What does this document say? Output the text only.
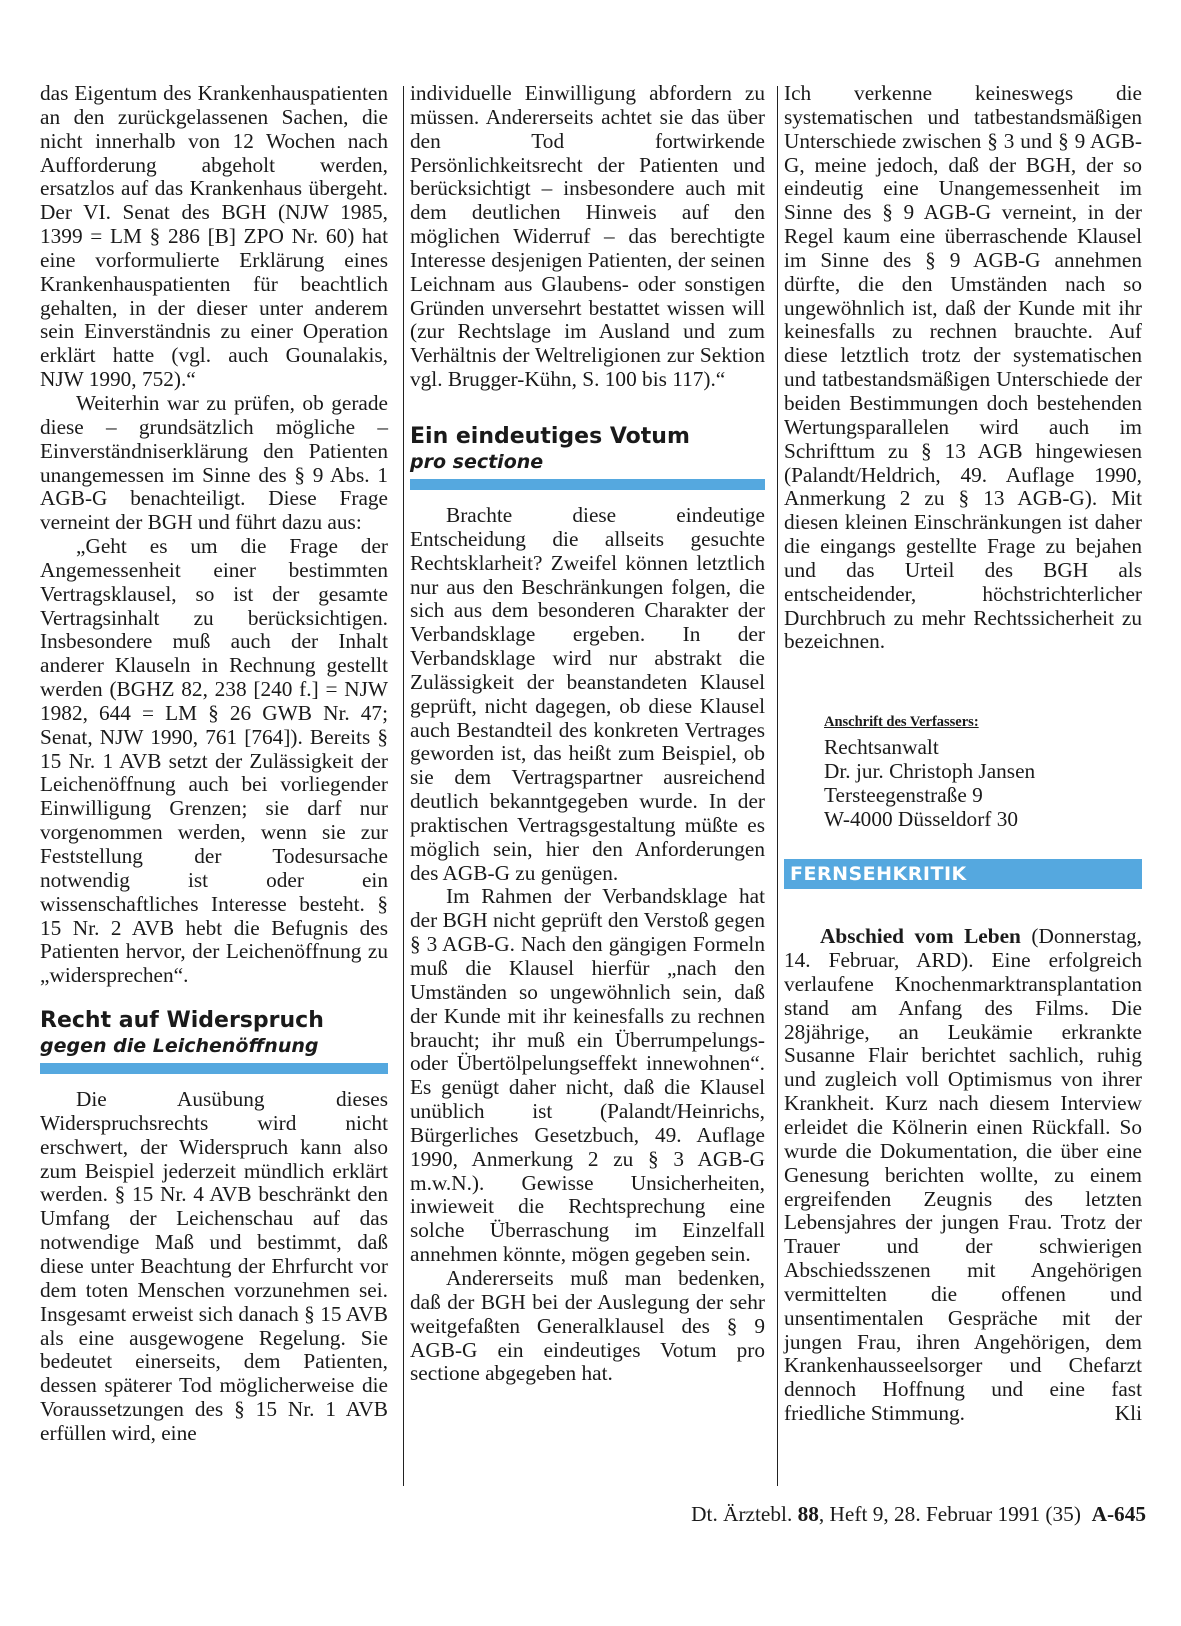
das Eigentum des Krankenhauspatienten an den zurückgelassenen Sachen, die nicht innerhalb von 12 Wochen nach Aufforderung abgeholt werden, ersatzlos auf das Krankenhaus übergeht. Der VI. Senat des BGH (NJW 1985, 1399 = LM § 286 [B] ZPO Nr. 60) hat eine vorformulierte Erklärung eines Krankenhauspatienten für beachtlich gehalten, in der dieser unter anderem sein Einverständnis zu einer Operation erklärt hatte (vgl. auch Gounalakis, NJW 1990, 752).“

Weiterhin war zu prüfen, ob gerade diese – grundsätzlich mögliche – Einverständniserklärung den Patienten unangemessen im Sinne des § 9 Abs. 1 AGB-G benachteiligt. Diese Frage verneint der BGH und führt dazu aus:

„Geht es um die Frage der Angemessenheit einer bestimmten Vertragsklausel, so ist der gesamte Vertragsinhalt zu berücksichtigen. Insbesondere muß auch der Inhalt anderer Klauseln in Rechnung gestellt werden (BGHZ 82, 238 [240 f.] = NJW 1982, 644 = LM § 26 GWB Nr. 47; Senat, NJW 1990, 761 [764]). Bereits § 15 Nr. 1 AVB setzt der Zulässigkeit der Leichenöffnung auch bei vorliegender Einwilligung Grenzen; sie darf nur vorgenommen werden, wenn sie zur Feststellung der Todesursache notwendig ist oder ein wissenschaftliches Interesse besteht. § 15 Nr. 2 AVB hebt die Befugnis des Patienten hervor, der Leichenöffnung zu „widersprechen“.

Recht auf Widerspruch
gegen die Leichenöffnung

Die Ausübung dieses Widerspruchsrechts wird nicht erschwert, der Widerspruch kann also zum Beispiel jederzeit mündlich erklärt werden. § 15 Nr. 4 AVB beschränkt den Umfang der Leichenschau auf das notwendige Maß und bestimmt, daß diese unter Beachtung der Ehrfurcht vor dem toten Menschen vorzunehmen sei. Insgesamt erweist sich danach § 15 AVB als eine ausgewogene Regelung. Sie bedeutet einerseits, dem Patienten, dessen späterer Tod möglicherweise die Voraussetzungen des § 15 Nr. 1 AVB erfüllen wird, eine

individuelle Einwilligung abfordern zu müssen. Andererseits achtet sie das über den Tod fortwirkende Persönlichkeitsrecht der Patienten und berücksichtigt – insbesondere auch mit dem deutlichen Hinweis auf den möglichen Widerruf – das berechtigte Interesse desjenigen Patienten, der seinen Leichnam aus Glaubens- oder sonstigen Gründen unversehrt bestattet wissen will (zur Rechtslage im Ausland und zum Verhältnis der Weltreligionen zur Sektion vgl. Brugger-Kühn, S. 100 bis 117).“

Ein eindeutiges Votum
pro sectione

Brachte diese eindeutige Entscheidung die allseits gesuchte Rechtsklarheit? Zweifel können letztlich nur aus den Beschränkungen folgen, die sich aus dem besonderen Charakter der Verbandsklage ergeben. In der Verbandsklage wird nur abstrakt die Zulässigkeit der beanstandeten Klausel geprüft, nicht dagegen, ob diese Klausel auch Bestandteil des konkreten Vertrages geworden ist, das heißt zum Beispiel, ob sie dem Vertragspartner ausreichend deutlich bekanntgegeben wurde. In der praktischen Vertragsgestaltung müßte es möglich sein, hier den Anforderungen des AGB-G zu genügen.

Im Rahmen der Verbandsklage hat der BGH nicht geprüft den Verstoß gegen § 3 AGB-G. Nach den gängigen Formeln muß die Klausel hierfür „nach den Umständen so ungewöhnlich sein, daß der Kunde mit ihr keinesfalls zu rechnen braucht; ihr muß ein Überrumpelungs- oder Übertölpelungseffekt innewohnen“. Es genügt daher nicht, daß die Klausel unüblich ist (Palandt/Heinrichs, Bürgerliches Gesetzbuch, 49. Auflage 1990, Anmerkung 2 zu § 3 AGB-G m.w.N.). Gewisse Unsicherheiten, inwieweit die Rechtsprechung eine solche Überraschung im Einzelfall annehmen könnte, mögen gegeben sein.

Andererseits muß man bedenken, daß der BGH bei der Auslegung der sehr weitgefaßten Generalklausel des § 9 AGB-G ein eindeutiges Votum pro sectione abgegeben hat.

Ich verkenne keineswegs die systematischen und tatbestandsmäßigen Unterschiede zwischen § 3 und § 9 AGB-G, meine jedoch, daß der BGH, der so eindeutig eine Unangemessenheit im Sinne des § 9 AGB-G verneint, in der Regel kaum eine überraschende Klausel im Sinne des § 9 AGB-G annehmen dürfte, die den Umständen nach so ungewöhnlich ist, daß der Kunde mit ihr keinesfalls zu rechnen brauchte. Auf diese letztlich trotz der systematischen und tatbestandsmäßigen Unterschiede der beiden Bestimmungen doch bestehenden Wertungsparallelen wird auch im Schrifttum zu § 13 AGB hingewiesen (Palandt/Heldrich, 49. Auflage 1990, Anmerkung 2 zu § 13 AGB-G). Mit diesen kleinen Einschränkungen ist daher die eingangs gestellte Frage zu bejahen und das Urteil des BGH als entscheidender, höchstrichterlicher Durchbruch zu mehr Rechtssicherheit zu bezeichnen.

Anschrift des Verfassers:
Rechtsanwalt
Dr. jur. Christoph Jansen
Tersteegenstraße 9
W-4000 Düsseldorf 30
FERNSEHKRITIK

Abschied vom Leben (Donnerstag, 14. Februar, ARD). Eine erfolgreich verlaufene Knochenmarktransplantation stand am Anfang des Films. Die 28jährige, an Leukämie erkrankte Susanne Flair berichtet sachlich, ruhig und zugleich voll Optimismus von ihrer Krankheit. Kurz nach diesem Interview erleidet die Kölnerin einen Rückfall. So wurde die Dokumentation, die über eine Genesung berichten wollte, zu einem ergreifenden Zeugnis des letzten Lebensjahres der jungen Frau. Trotz der Trauer und der schwierigen Abschiedsszenen mit Angehörigen vermittelten die offenen und unsentimentalen Gespräche mit der jungen Frau, ihren Angehörigen, dem Krankenhausseelsorger und Chefarzt dennoch Hoffnung und eine fast friedliche Stimmung.	Kli

Dt. Ärztebl. 88, Heft 9, 28. Februar 1991 (35) A-645
